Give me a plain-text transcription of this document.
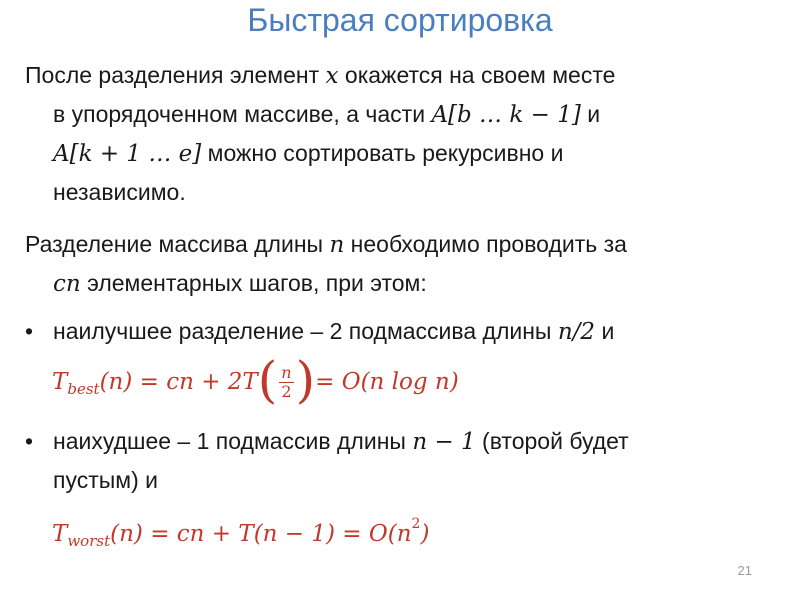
Быстрая сортировка
После разделения элемент x окажется на своем месте
в упорядоченном массиве, а части A[b … k − 1] и
A[k + 1 … e] можно сортировать рекурсивно и
независимо.
Разделение массива длины n необходимо проводить за
cn элементарных шагов, при этом:
• наилучшее разделение – 2 подмассива длины n/2 и
T best (n) = cn + 2T ( $\frac{n}{2}$ ) = O(n log n)
• наихудшее – 1 подмассив длины n − 1 (второй будет
пустым) и
T worst (n) = cn + T(n − 1) = O(n 2 )
21
